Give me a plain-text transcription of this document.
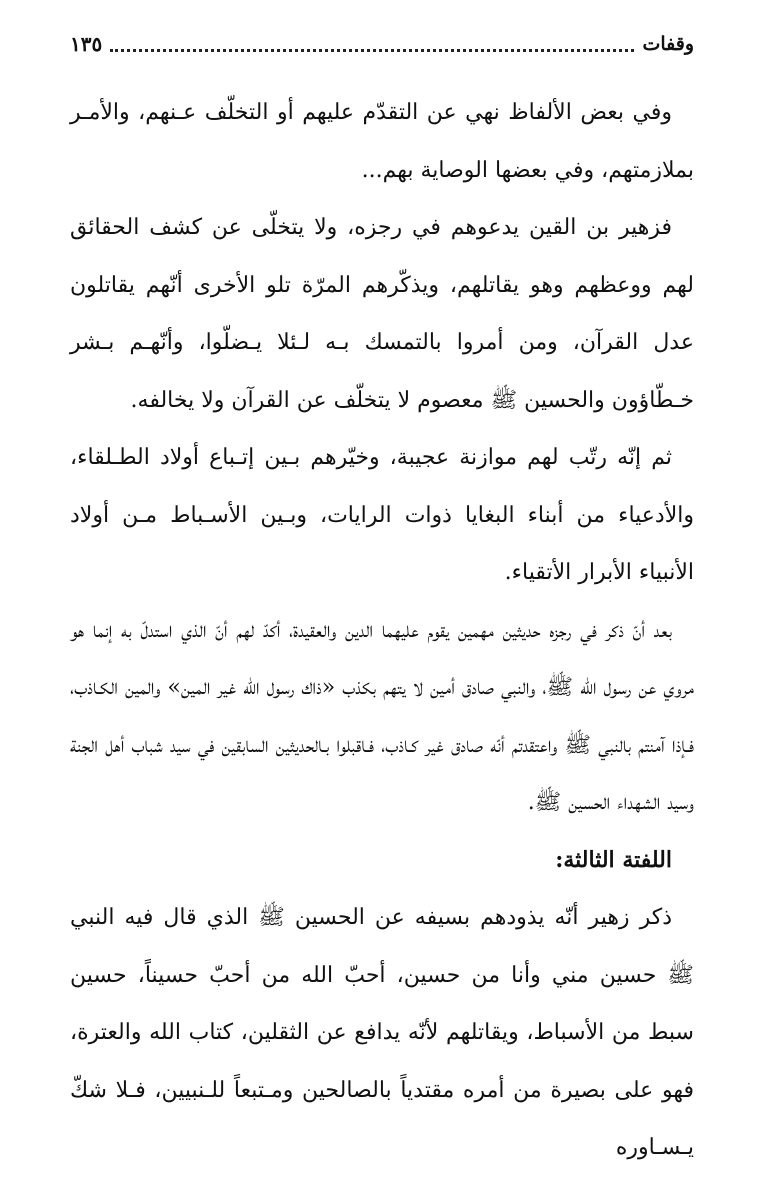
وقفات
١٣٥

وفي بعض الألفاظ نهي عن التقدّم عليهم أو التخلّف عـنهم، والأمـر بملازمتهم، وفي بعضها الوصاية بهم...

فزهير بن القين يدعوهم في رجزه، ولا يتخلّى عن كشف الحقائق لهم ووعظهم وهو يقاتلهم، ويذكّرهم المرّة تلو الأخرى أنّهم يقاتلون عدل القرآن، ومن أمروا بالتمسك بـه لـئلا يـضلّوا، وأنّهـم بـشر خـطّاؤون والحسين ﷺ معصوم لا يتخلّف عن القرآن ولا يخالفه.

ثم إنّه رتّب لهم موازنة عجيبة، وخيّرهم بـين إتـباع أولاد الطـلقاء، والأدعياء من أبناء البغايا ذوات الرايات، وبـين الأسـباط مـن أولاد الأنبياء الأبرار الأتقياء.

بعد أنّ ذكر في رجزه حديثين مهمين يقوم عليهما الدين والعقيدة، أكدّ لهم أنّ الذي استدلّ به إنما هو مروي عن رسول الله ﷺ، والنبي صادق أمين لا يتهم بكذب «ذاك رسول الله غير المين» والمين الكـاذب، فـإذا آمنتم بالنبي ﷺ واعتقدتم أنّه صادق غير كـاذب، فـاقبلوا بـالحديثين السابقين في سيد شباب أهل الجنة وسيد الشهداء الحسين ﷺ.

اللفتة الثالثة:

ذكر زهير أنّه يذودهم بسيفه عن الحسين ﷺ الذي قال فيه النبي ﷺ حسين مني وأنا من حسين، أحبّ الله من أحبّ حسيناً، حسين سبط من الأسباط، ويقاتلهم لأنّه يدافع عن الثقلين، كتاب الله والعترة، فهو على بصيرة من أمره مقتدياً بالصالحين ومـتبعاً للـنبيين، فـلا شكّ يـسـاوره
